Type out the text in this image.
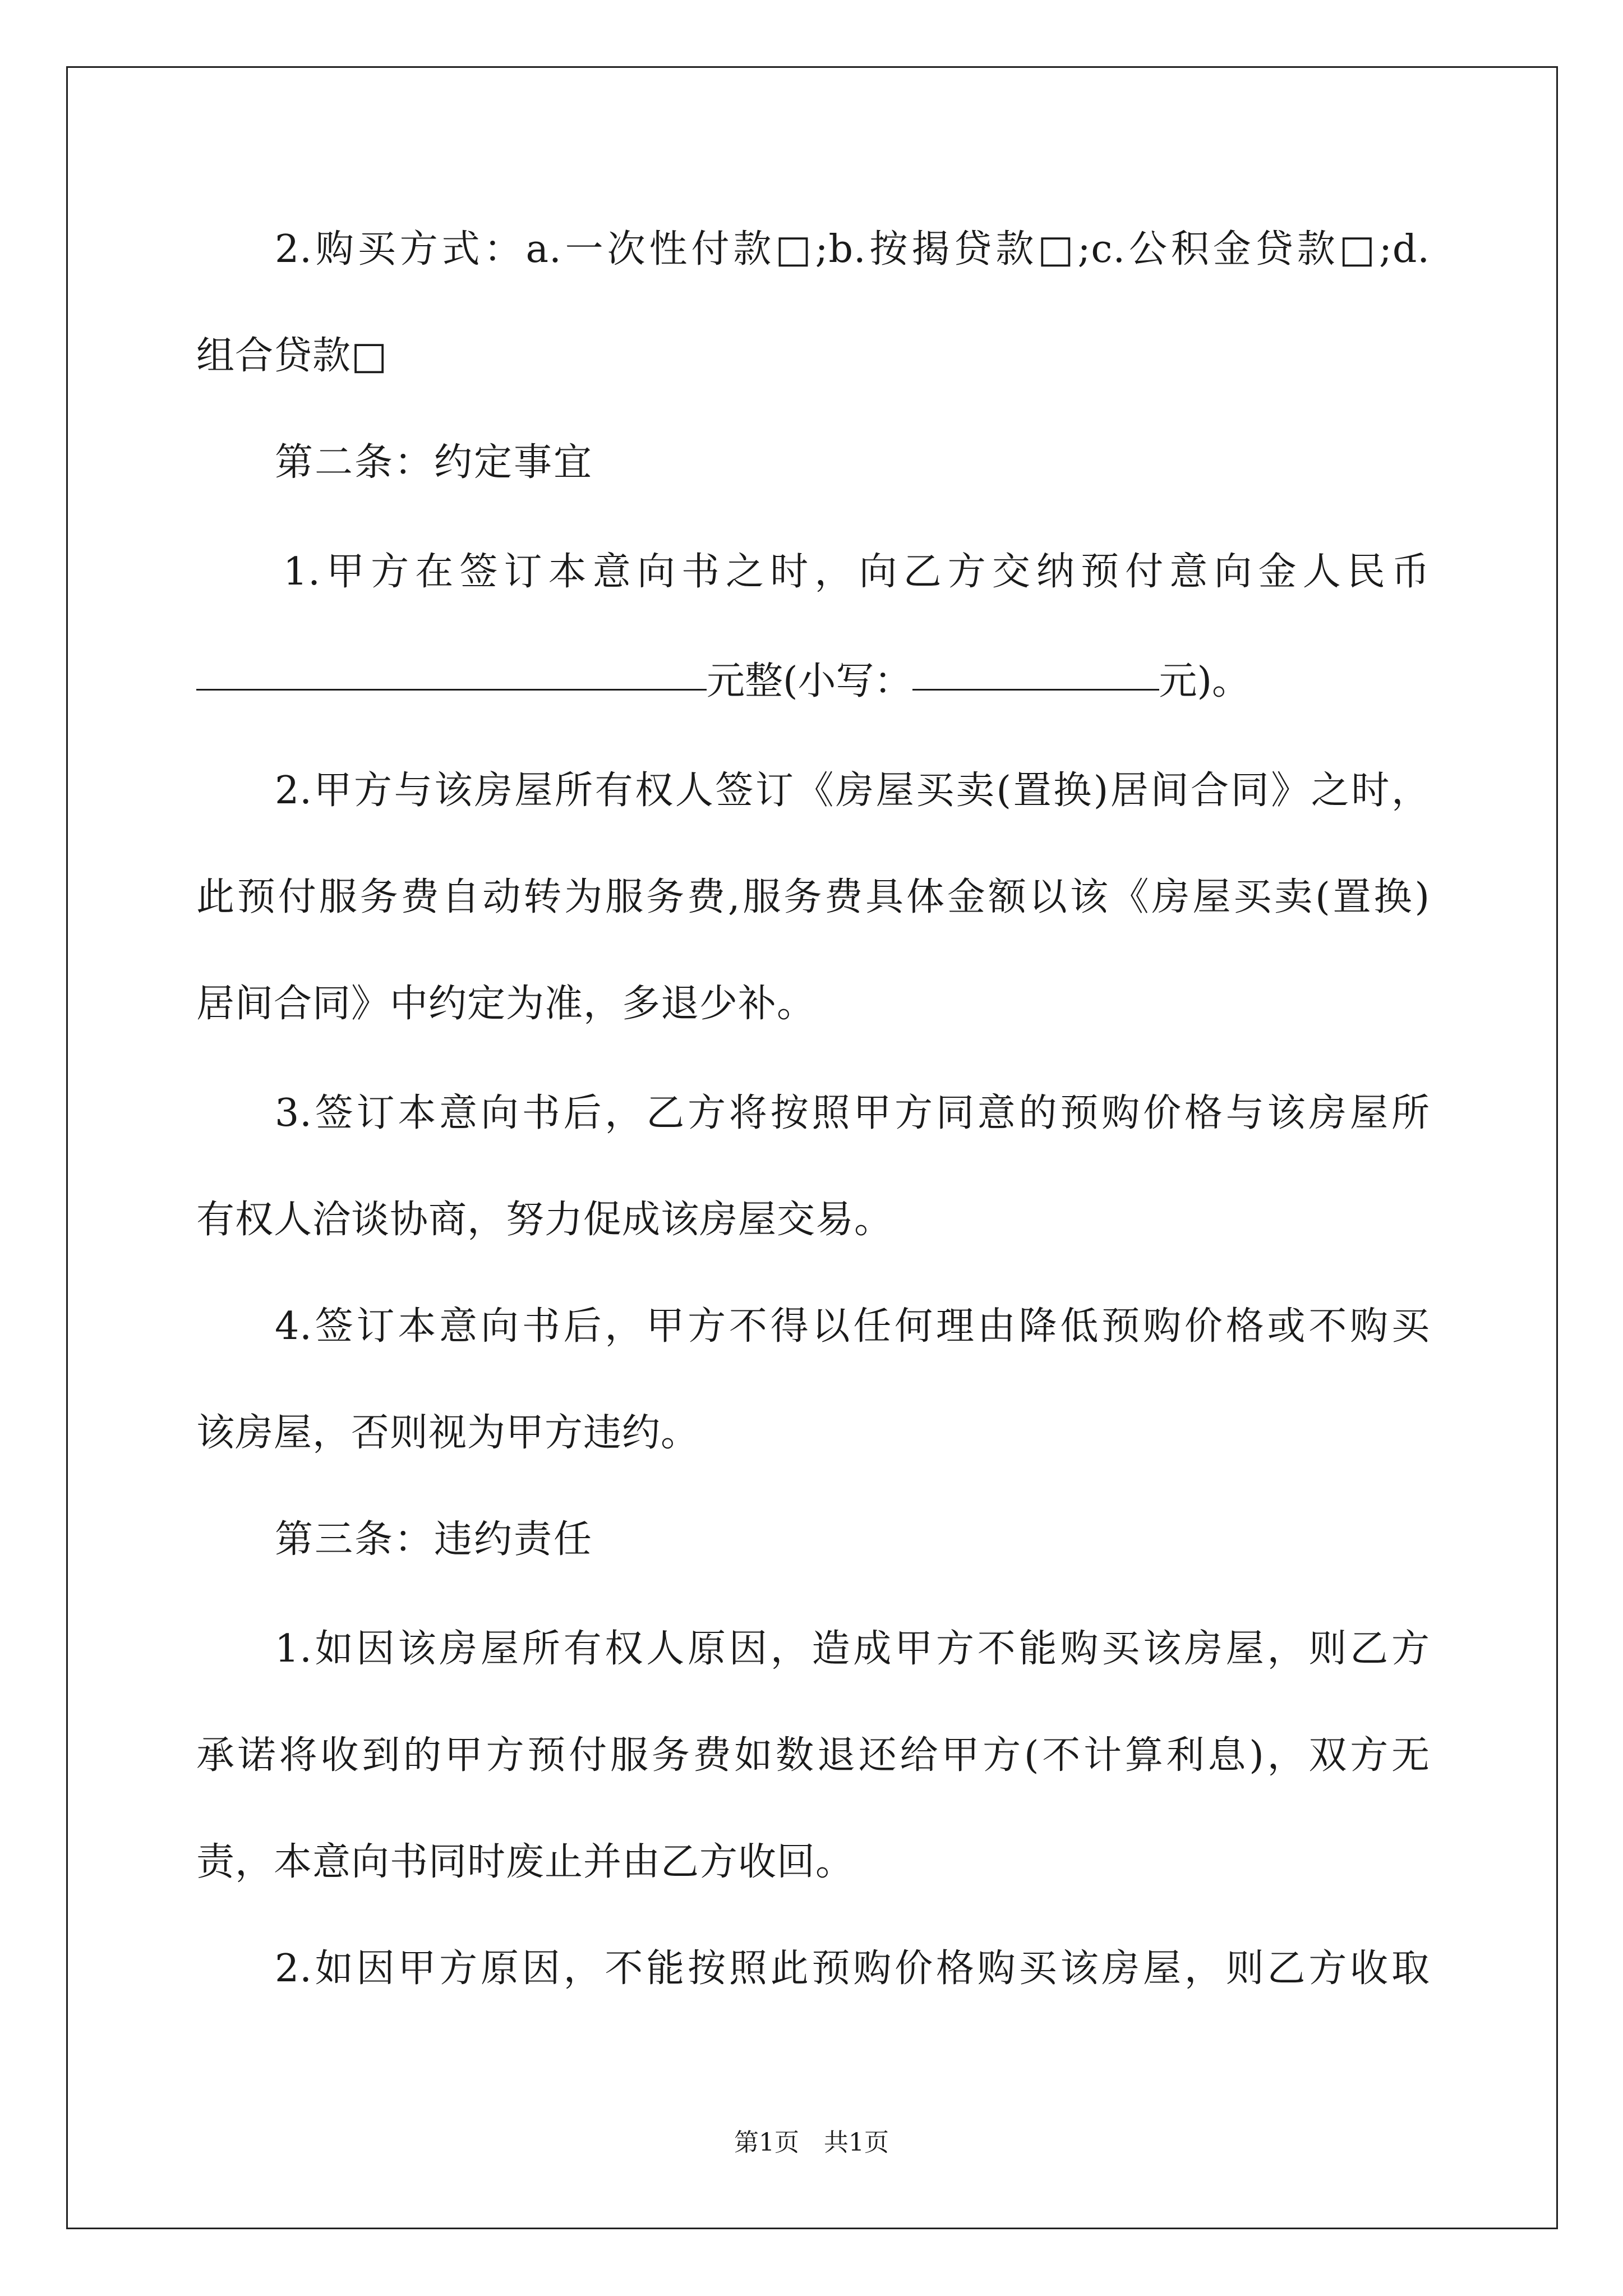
2.购买方式：a.一次性付款□;b.按揭贷款□;c.公积金贷款□;d.
组合贷款□
第二条：约定事宜
1.甲方在签订本意向书之时，向乙方交纳预付意向金人民币
元整(小写：	元)。
2.甲方与该房屋所有权人签订《房屋买卖(置换)居间合同》之时，
此预付服务费自动转为服务费,服务费具体金额以该《房屋买卖(置换)
居间合同》中约定为准，多退少补。
3.签订本意向书后，乙方将按照甲方同意的预购价格与该房屋所
有权人洽谈协商，努力促成该房屋交易。
4.签订本意向书后，甲方不得以任何理由降低预购价格或不购买
该房屋，否则视为甲方违约。
第三条：违约责任
1.如因该房屋所有权人原因，造成甲方不能购买该房屋，则乙方
承诺将收到的甲方预付服务费如数退还给甲方(不计算利息)，双方无
责，本意向书同时废止并由乙方收回。
2.如因甲方原因，不能按照此预购价格购买该房屋，则乙方收取
第1页 共1页
